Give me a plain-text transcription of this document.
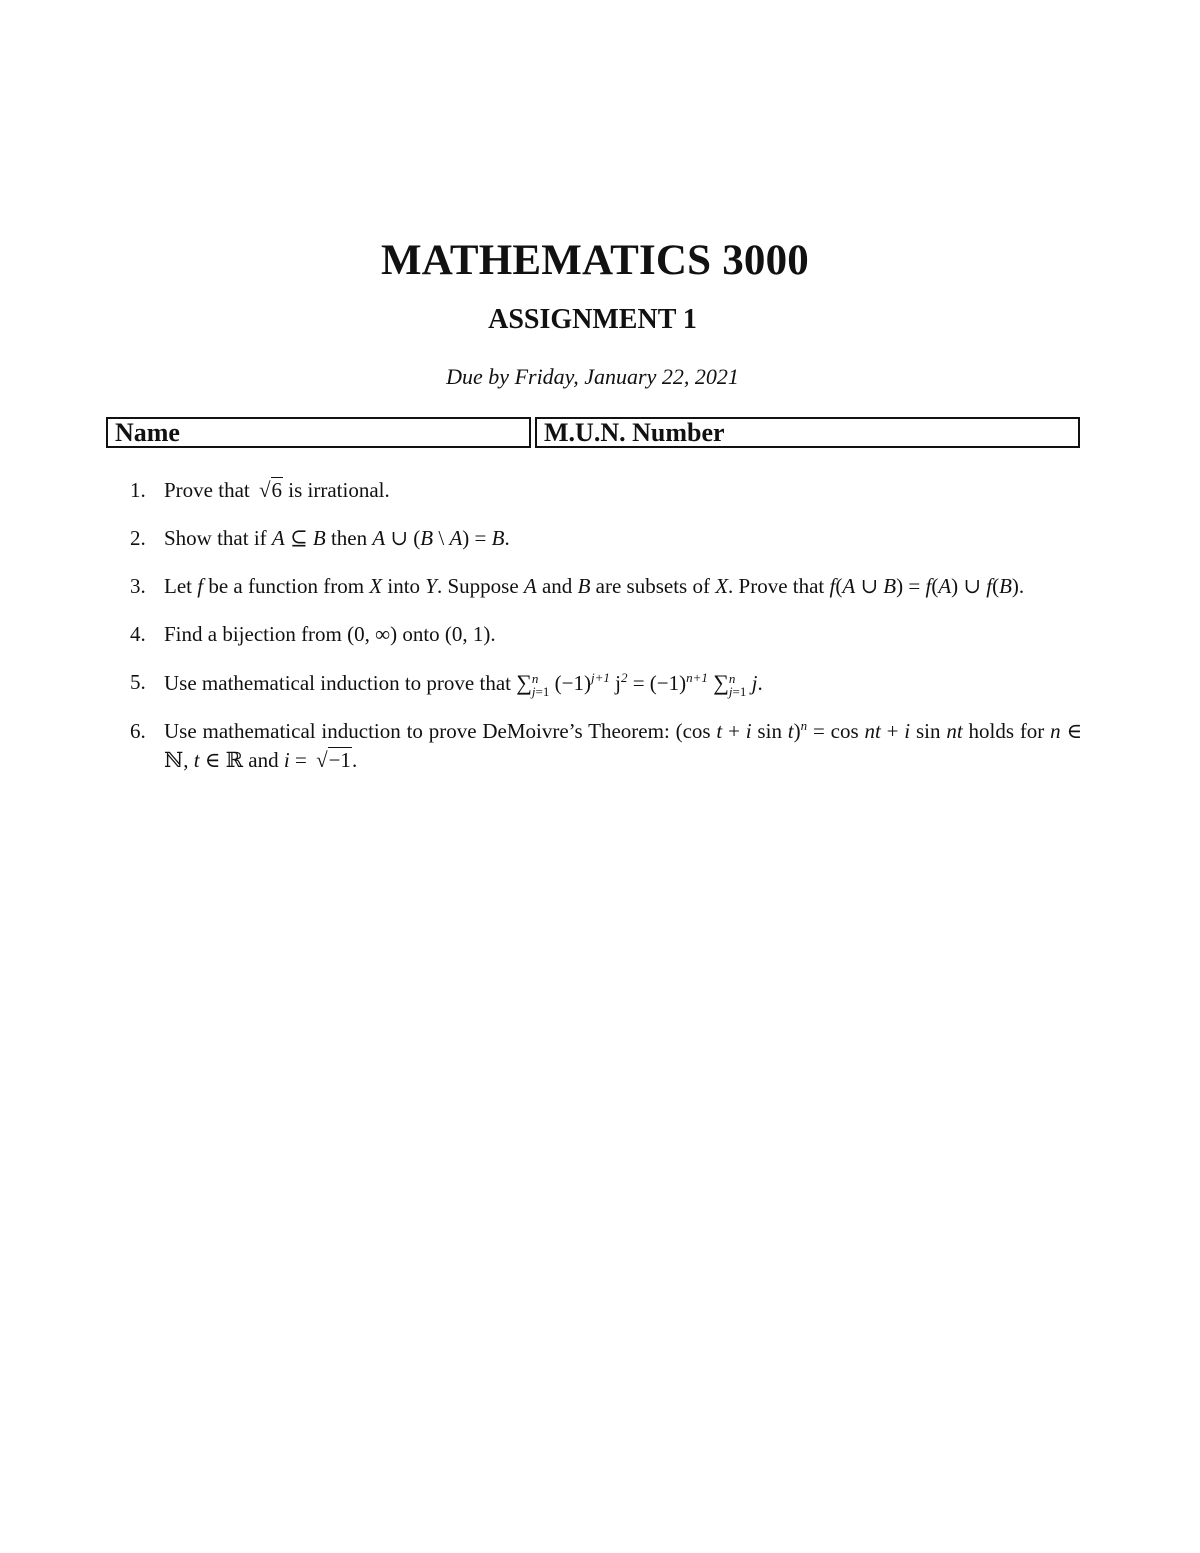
MATHEMATICS 3000
ASSIGNMENT 1
Due by Friday, January 22, 2021
Name	M.U.N. Number
1. Prove that √6 is irrational.
2. Show that if A ⊆ B then A ∪ (B \ A) = B.
3. Let f be a function from X into Y. Suppose A and B are subsets of X. Prove that f(A ∪ B) = f(A) ∪ f(B).
4. Find a bijection from (0, ∞) onto (0, 1).
5. Use mathematical induction to prove that ∑ n
j=1 $(-1)^{j+1}$ $j^2 = (-1)^{n+1}$ ∑ n
j=1 j.
6. Use mathematical induction to prove DeMoivre’s Theorem: (cos t + i sin t)$^n$ = cos nt + i sin nt holds for n ∈ ℕ, t ∈ ℝ and i = √−1.
